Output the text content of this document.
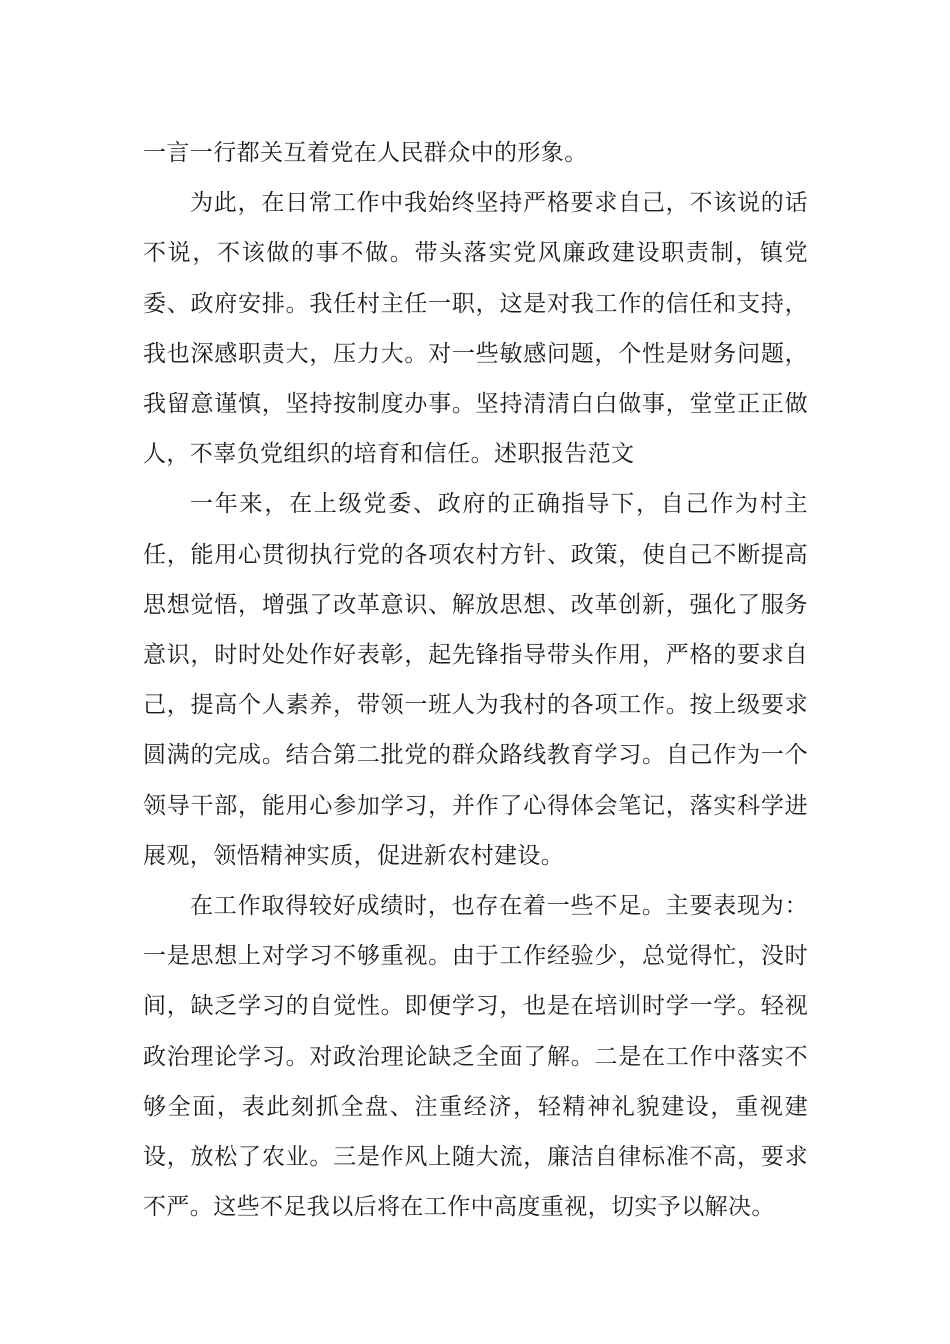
一言一行都关互着党在人民群众中的形象。

为此，在日常工作中我始终坚持严格要求自己，不该说的话不说，不该做的事不做。带头落实党风廉政建设职责制，镇党委、政府安排。我任村主任一职，这是对我工作的信任和支持，我也深感职责大，压力大。对一些敏感问题，个性是财务问题，我留意谨慎，坚持按制度办事。坚持清清白白做事，堂堂正正做人，不辜负党组织的培育和信任。述职报告范文

一年来，在上级党委、政府的正确指导下，自己作为村主任，能用心贯彻执行党的各项农村方针、政策，使自己不断提高思想觉悟，增强了改革意识、解放思想、改革创新，强化了服务意识，时时处处作好表彰，起先锋指导带头作用，严格的要求自己，提高个人素养，带领一班人为我村的各项工作。按上级要求圆满的完成。结合第二批党的群众路线教育学习。自己作为一个领导干部，能用心参加学习，并作了心得体会笔记，落实科学进展观，领悟精神实质，促进新农村建设。

在工作取得较好成绩时，也存在着一些不足。主要表现为：一是思想上对学习不够重视。由于工作经验少，总觉得忙，没时间，缺乏学习的自觉性。即便学习，也是在培训时学一学。轻视政治理论学习。对政治理论缺乏全面了解。二是在工作中落实不够全面，表此刻抓全盘、注重经济，轻精神礼貌建设，重视建设，放松了农业。三是作风上随大流，廉洁自律标准不高，要求不严。这些不足我以后将在工作中高度重视，切实予以解决。
